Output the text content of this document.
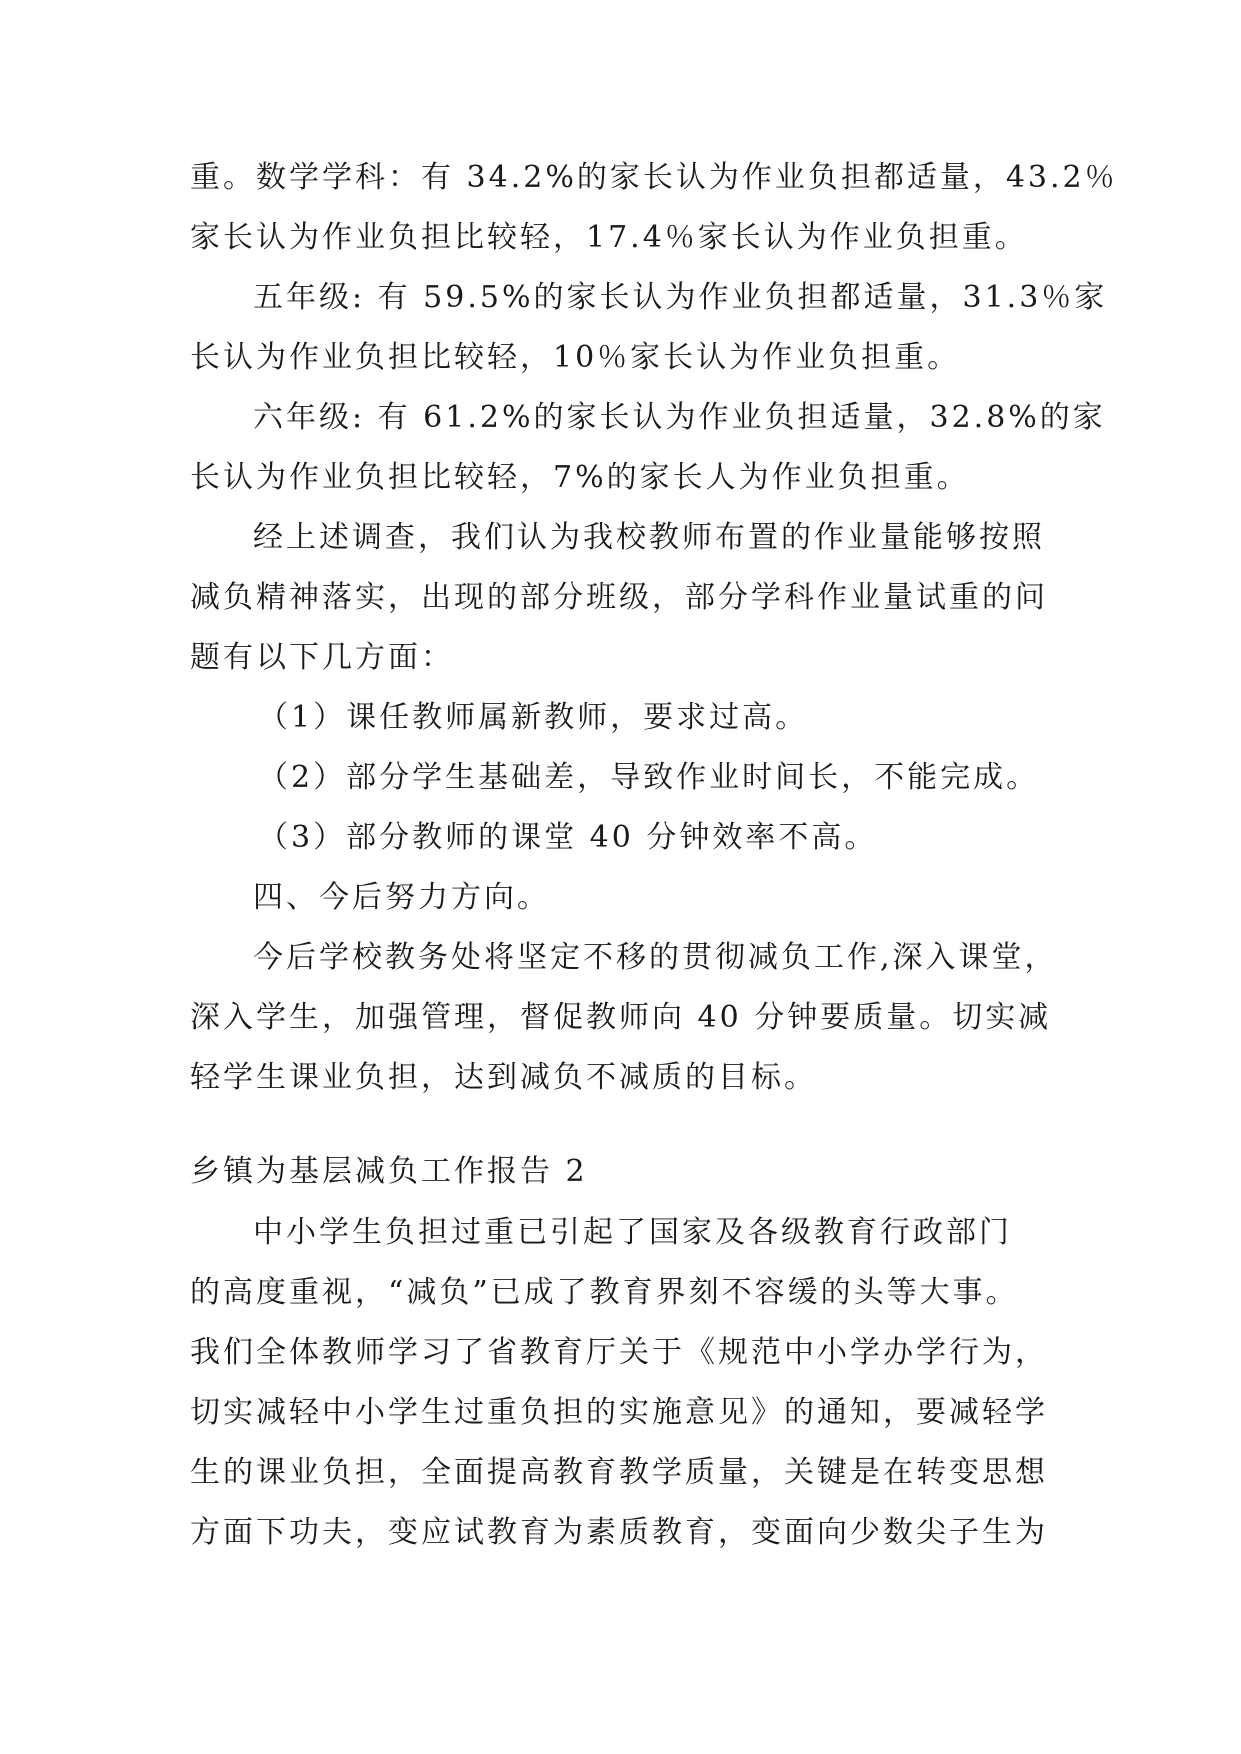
重。数学学科：有 34.2%的家长认为作业负担都适量，43.2％
家长认为作业负担比较轻，17.4％家长认为作业负担重。
五年级: 有 59.5%的家长认为作业负担都适量，31.3％家
长认为作业负担比较轻，10％家长认为作业负担重。
六年级: 有 61.2%的家长认为作业负担适量，32.8%的家
长认为作业负担比较轻，7%的家长人为作业负担重。
经上述调查，我们认为我校教师布置的作业量能够按照
减负精神落实，出现的部分班级，部分学科作业量试重的问
题有以下几方面：
（1）课任教师属新教师，要求过高。
（2）部分学生基础差，导致作业时间长，不能完成。
（3）部分教师的课堂 40 分钟效率不高。
四、今后努力方向。
今后学校教务处将坚定不移的贯彻减负工作,深入课堂，
深入学生，加强管理，督促教师向 40 分钟要质量。切实减
轻学生课业负担，达到减负不减质的目标。
乡镇为基层减负工作报告 2
中小学生负担过重已引起了国家及各级教育行政部门
的高度重视，“减负”已成了教育界刻不容缓的头等大事。
我们全体教师学习了省教育厅关于《规范中小学办学行为，
切实减轻中小学生过重负担的实施意见》的通知，要减轻学
生的课业负担，全面提高教育教学质量，关键是在转变思想
方面下功夫，变应试教育为素质教育，变面向少数尖子生为
